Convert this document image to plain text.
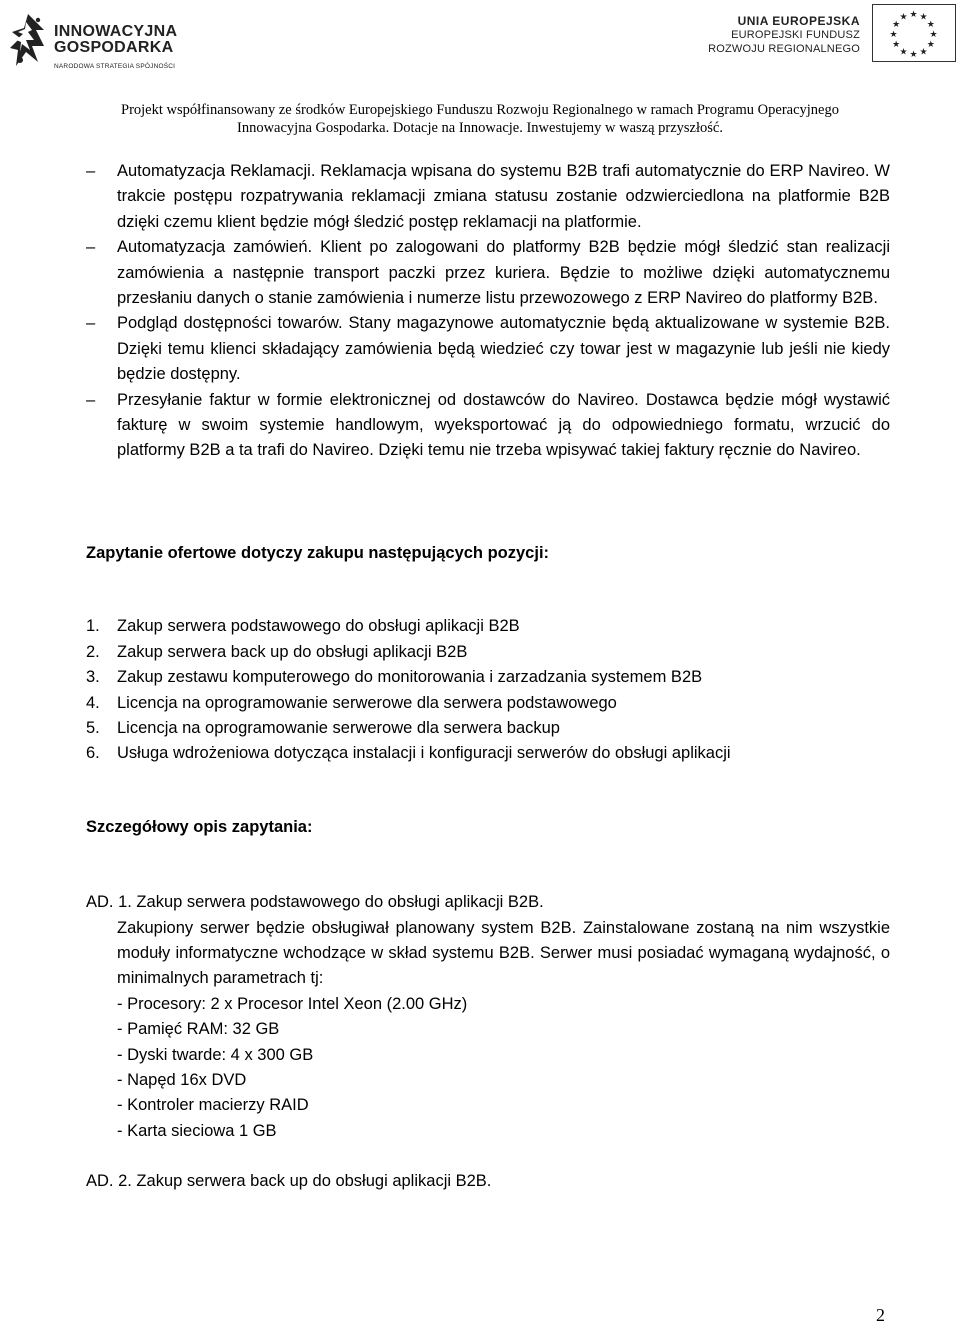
INNOWACYJNA
GOSPODARKA
NARODOWA STRATEGIA SPÓJNOŚCI
UNIA EUROPEJSKA
EUROPEJSKI FUNDUSZ
ROZWOJU REGIONALNEGO
★ ★
★
★
★
★
★
★
★
★
★
★
Projekt współfinansowany ze środków Europejskiego Funduszu Rozwoju Regionalnego w ramach Programu Operacyjnego
Innowacyjna Gospodarka. Dotacje na Innowacje. Inwestujemy w waszą przyszłość.
– Automatyzacja Reklamacji. Reklamacja wpisana do systemu B2B trafi automatycznie do ERP Navireo. W trakcie postępu rozpatrywania reklamacji zmiana statusu zostanie odzwierciedlona na platformie B2B dzięki czemu klient będzie mógł śledzić postęp reklamacji na platformie.
– Automatyzacja zamówień. Klient po zalogowani do platformy B2B będzie mógł śledzić stan realizacji zamówienia a następnie transport paczki przez kuriera. Będzie to możliwe dzięki automatycznemu przesłaniu danych o stanie zamówienia i numerze listu przewozowego z ERP Navireo do platformy B2B.
– Podgląd dostępności towarów. Stany magazynowe automatycznie będą aktualizowane w systemie B2B. Dzięki temu klienci składający zamówienia będą wiedzieć czy towar jest w magazynie lub jeśli nie kiedy będzie dostępny.
– Przesyłanie faktur w formie elektronicznej od dostawców do Navireo. Dostawca będzie mógł wystawić fakturę w swoim systemie handlowym, wyeksportować ją do odpowiedniego formatu, wrzucić do platformy B2B a ta trafi do Navireo. Dzięki temu nie trzeba wpisywać takiej faktury ręcznie do Navireo.
Zapytanie ofertowe dotyczy zakupu następujących pozycji:
1. Zakup serwera podstawowego do obsługi aplikacji B2B
2. Zakup serwera back up do obsługi aplikacji B2B
3. Zakup zestawu komputerowego do monitorowania i zarzadzania systemem B2B
4. Licencja na oprogramowanie serwerowe dla serwera podstawowego
5. Licencja na oprogramowanie serwerowe dla serwera backup
6. Usługa wdrożeniowa dotycząca instalacji i konfiguracji serwerów do obsługi aplikacji
Szczegółowy opis zapytania:
AD. 1. Zakup serwera podstawowego do obsługi aplikacji B2B.
Zakupiony serwer będzie obsługiwał planowany system B2B. Zainstalowane zostaną na nim wszystkie moduły informatyczne wchodzące w skład systemu B2B. Serwer musi posiadać wymaganą wydajność, o minimalnych parametrach tj:
- Procesory: 2 x Procesor Intel Xeon (2.00 GHz)
- Pamięć RAM: 32 GB
- Dyski twarde: 4 x 300 GB
- Napęd 16x DVD
- Kontroler macierzy RAID
- Karta sieciowa 1 GB
AD. 2. Zakup serwera back up do obsługi aplikacji B2B.
2
